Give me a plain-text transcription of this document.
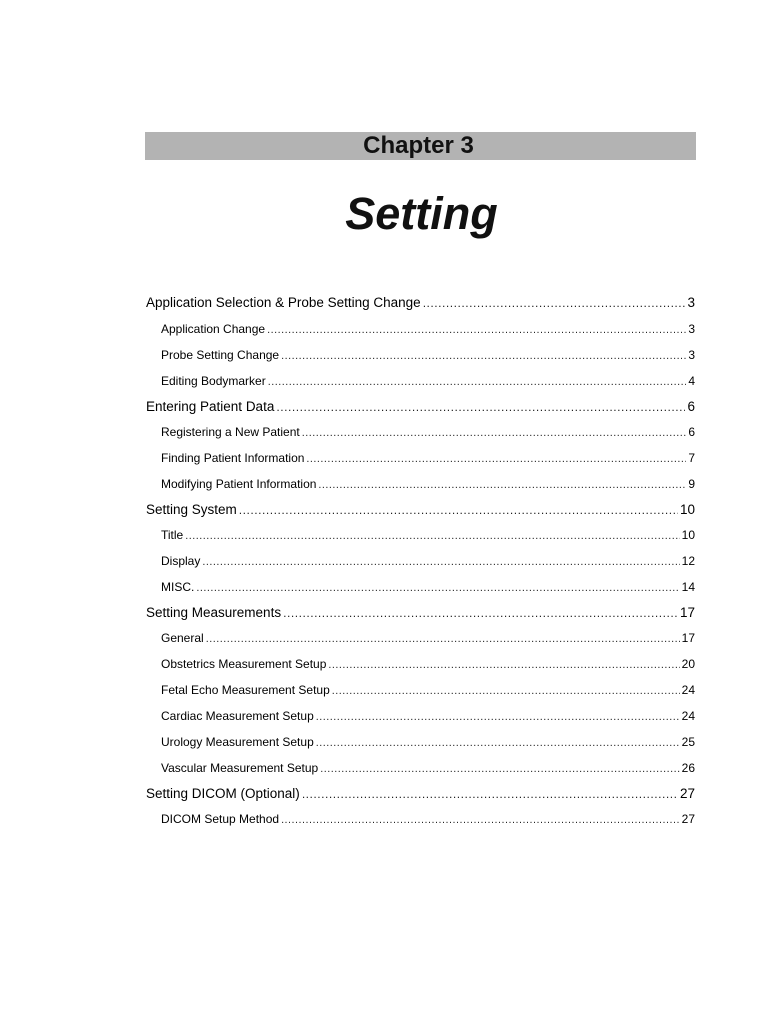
Chapter 3
Setting
Application Selection & Probe Setting Change .....	3
Application Change .....	3
Probe Setting Change .....	3
Editing Bodymarker .....	4
Entering Patient Data .....	6
Registering a New Patient .....	6
Finding Patient Information .....	7
Modifying Patient Information .....	9
Setting System .....	10
Title .....	10
Display .....	12
MISC. .....	14
Setting Measurements .....	17
General .....	17
Obstetrics Measurement Setup .....	20
Fetal Echo Measurement Setup .....	24
Cardiac Measurement Setup .....	24
Urology Measurement Setup .....	25
Vascular Measurement Setup .....	26
Setting DICOM (Optional) .....	27
DICOM Setup Method .....	27
